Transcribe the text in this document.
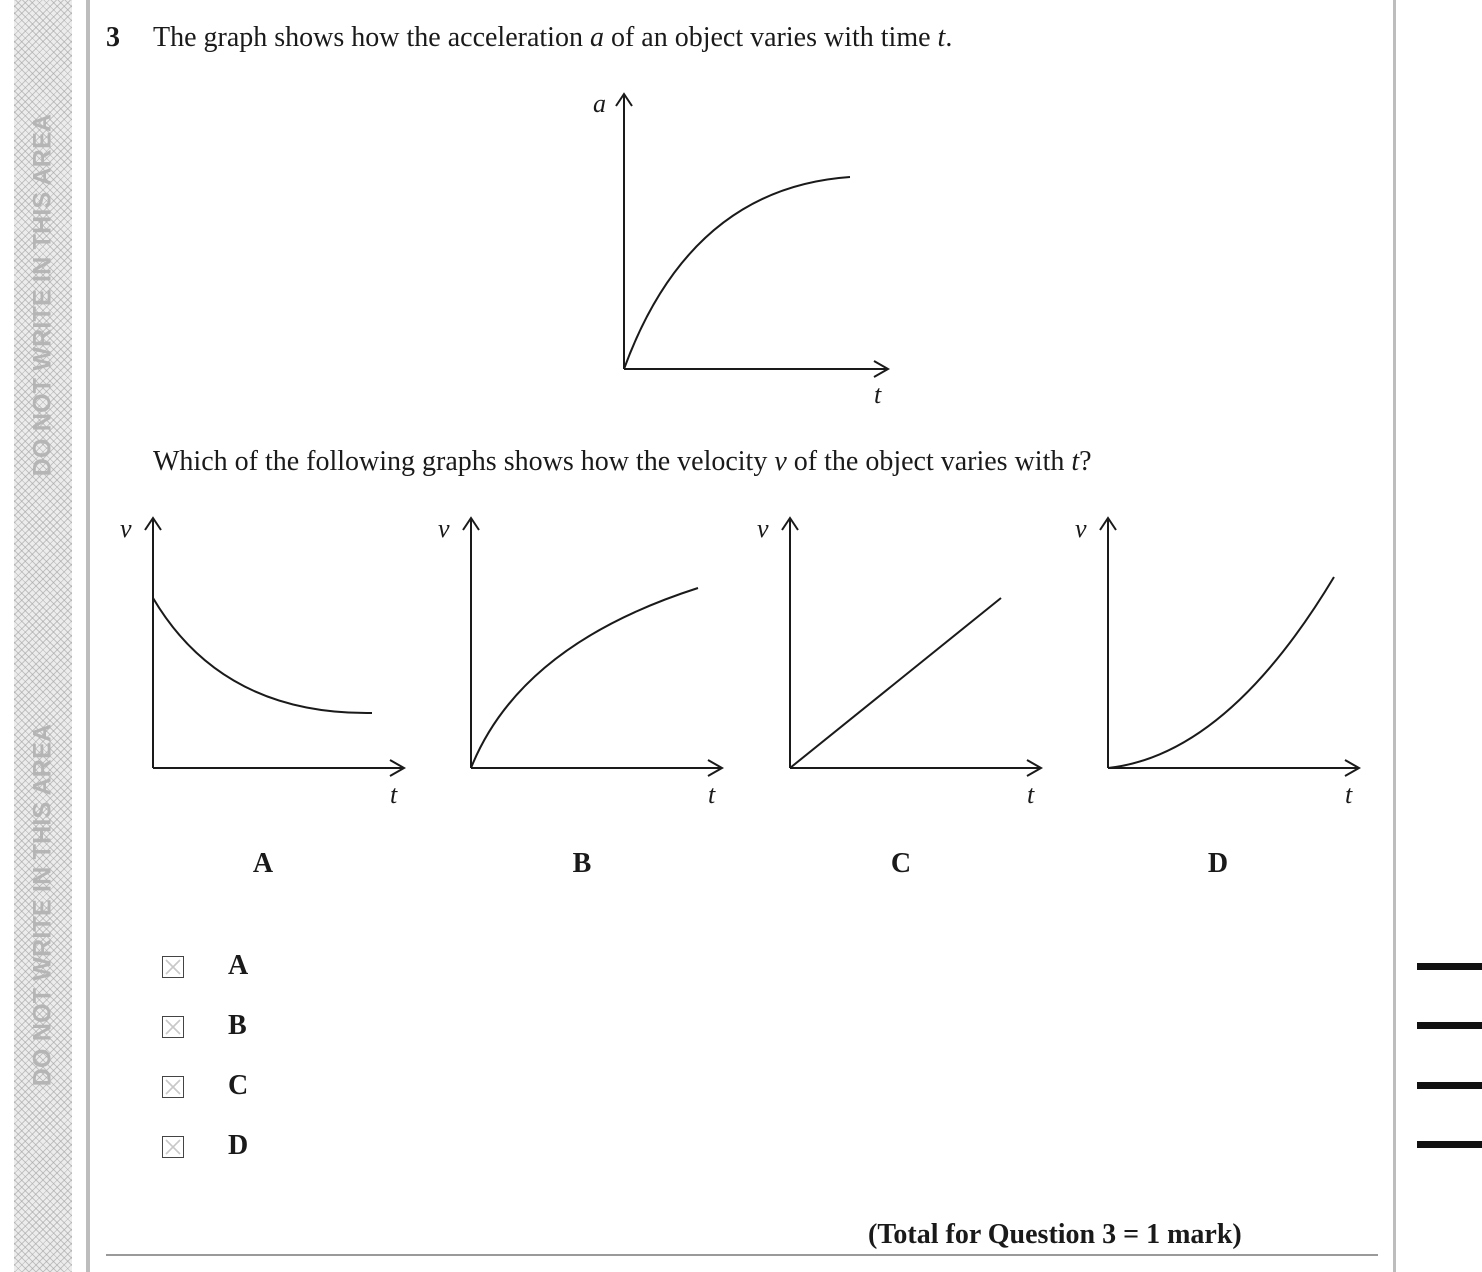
DO NOT WRITE IN THIS AREA
DO NOT WRITE IN THIS AREA
3 The graph shows how the acceleration a of an object varies with time t.
a
t
Which of the following graphs shows how the velocity v of the object varies with t?
v
t
v
t
v
t
v
t
A	B	C	D
A
B
C
D
(Total for Question 3 = 1 mark)
